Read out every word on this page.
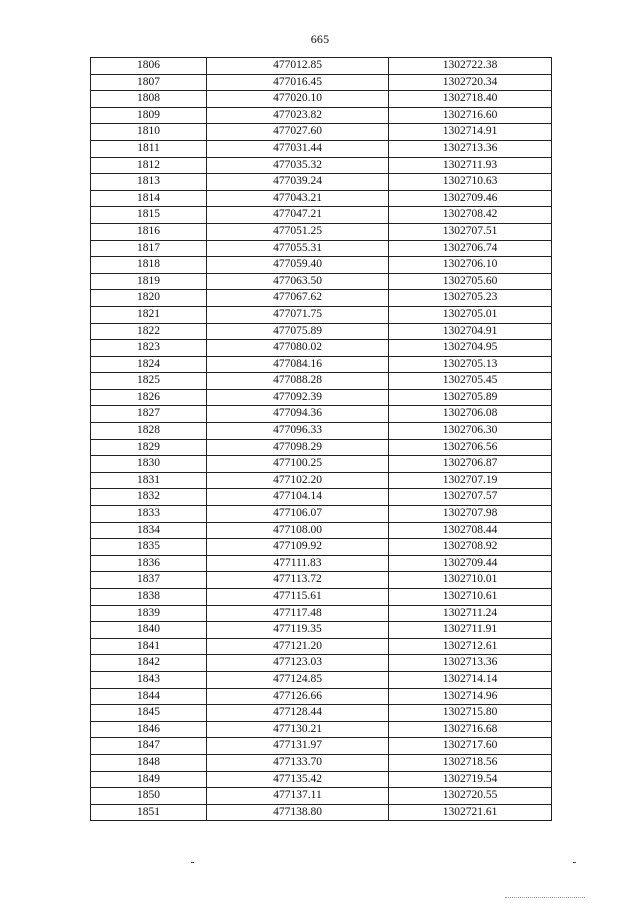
665
1806	477012.85	1302722.38
1807	477016.45	1302720.34
1808	477020.10	1302718.40
1809	477023.82	1302716.60
1810	477027.60	1302714.91
1811	477031.44	1302713.36
1812	477035.32	1302711.93
1813	477039.24	1302710.63
1814	477043.21	1302709.46
1815	477047.21	1302708.42
1816	477051.25	1302707.51
1817	477055.31	1302706.74
1818	477059.40	1302706.10
1819	477063.50	1302705.60
1820	477067.62	1302705.23
1821	477071.75	1302705.01
1822	477075.89	1302704.91
1823	477080.02	1302704.95
1824	477084.16	1302705.13
1825	477088.28	1302705.45
1826	477092.39	1302705.89
1827	477094.36	1302706.08
1828	477096.33	1302706.30
1829	477098.29	1302706.56
1830	477100.25	1302706.87
1831	477102.20	1302707.19
1832	477104.14	1302707.57
1833	477106.07	1302707.98
1834	477108.00	1302708.44
1835	477109.92	1302708.92
1836	477111.83	1302709.44
1837	477113.72	1302710.01
1838	477115.61	1302710.61
1839	477117.48	1302711.24
1840	477119.35	1302711.91
1841	477121.20	1302712.61
1842	477123.03	1302713.36
1843	477124.85	1302714.14
1844	477126.66	1302714.96
1845	477128.44	1302715.80
1846	477130.21	1302716.68
1847	477131.97	1302717.60
1848	477133.70	1302718.56
1849	477135.42	1302719.54
1850	477137.11	1302720.55
1851	477138.80	1302721.61
